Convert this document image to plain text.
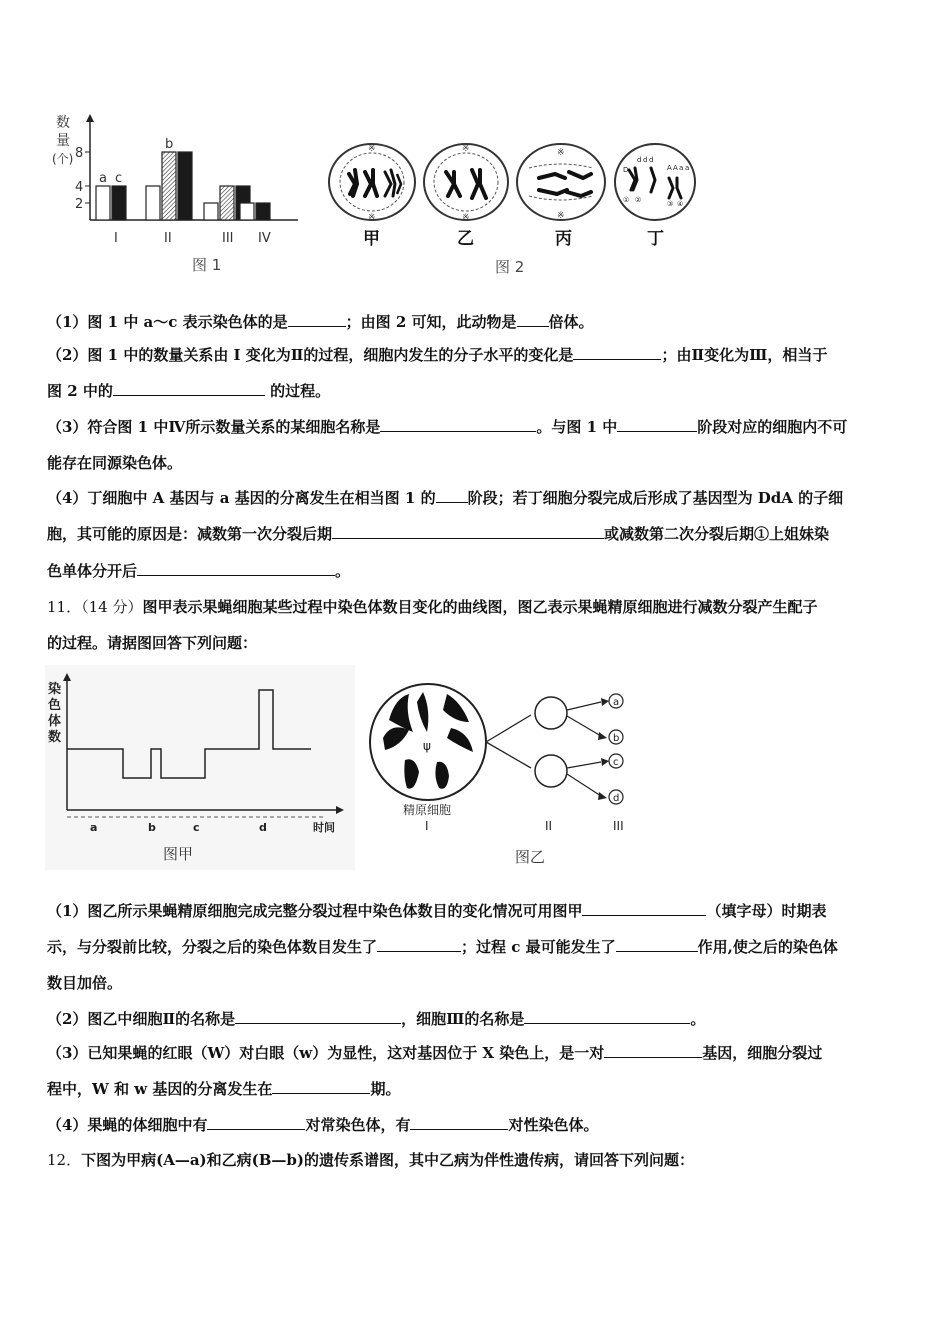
数
量
(个)
2
4
8
a c
I
b
II	III IV
图 1
※
※
※
※
※
※
D
d d d
A A a a
① ②	③ ④
甲	乙	丙	丁
图 2
（1）图 1 中 a～c 表示染色体的是	；由图 2 可知，此动物是 倍体。
（2）图 1 中的数量关系由 I 变化为Ⅱ的过程，细胞内发生的分子水平的变化是	；由Ⅱ变化为Ⅲ，相当于
图 2 中的	的过程。
（3）符合图 1 中Ⅳ所示数量关系的某细胞名称是	。与图 1 中	阶段对应的细胞内不可
能存在同源染色体。
（4）丁细胞中 A 基因与 a 基因的分离发生在相当图 1 的 阶段；若丁细胞分裂完成后形成了基因型为 DdA 的子细
胞，其可能的原因是：减数第一次分裂后期	或减数第二次分裂后期①上姐妹染
色单体分开后	。
11．（14 分）图甲表示果蝇细胞某些过程中染色体数目变化的曲线图，图乙表示果蝇精原细胞进行减数分裂产生配子
的过程。请据图回答下列问题：
染
色
体
数
a	b	c	d	时间
图甲
ψ
a
b
c
d
精原细胞
I	II	III
图乙
（1）图乙所示果蝇精原细胞完成完整分裂过程中染色体数目的变化情况可用图甲	（填字母）时期表
示，与分裂前比较，分裂之后的染色体数目发生了	；过程 c 最可能发生了	作用,使之后的染色体
数目加倍。
（2）图乙中细胞Ⅱ的名称是	，细胞Ⅲ的名称是	。
（3）已知果蝇的红眼（W）对白眼（w）为显性，这对基因位于 X 染色上，是一对	基因，细胞分裂过
程中，W 和 w 基因的分离发生在	期。
（4）果蝇的体细胞中有	对常染色体，有	对性染色体。
12．下图为甲病(A—a)和乙病(B—b)的遗传系谱图，其中乙病为伴性遗传病，请回答下列问题：
